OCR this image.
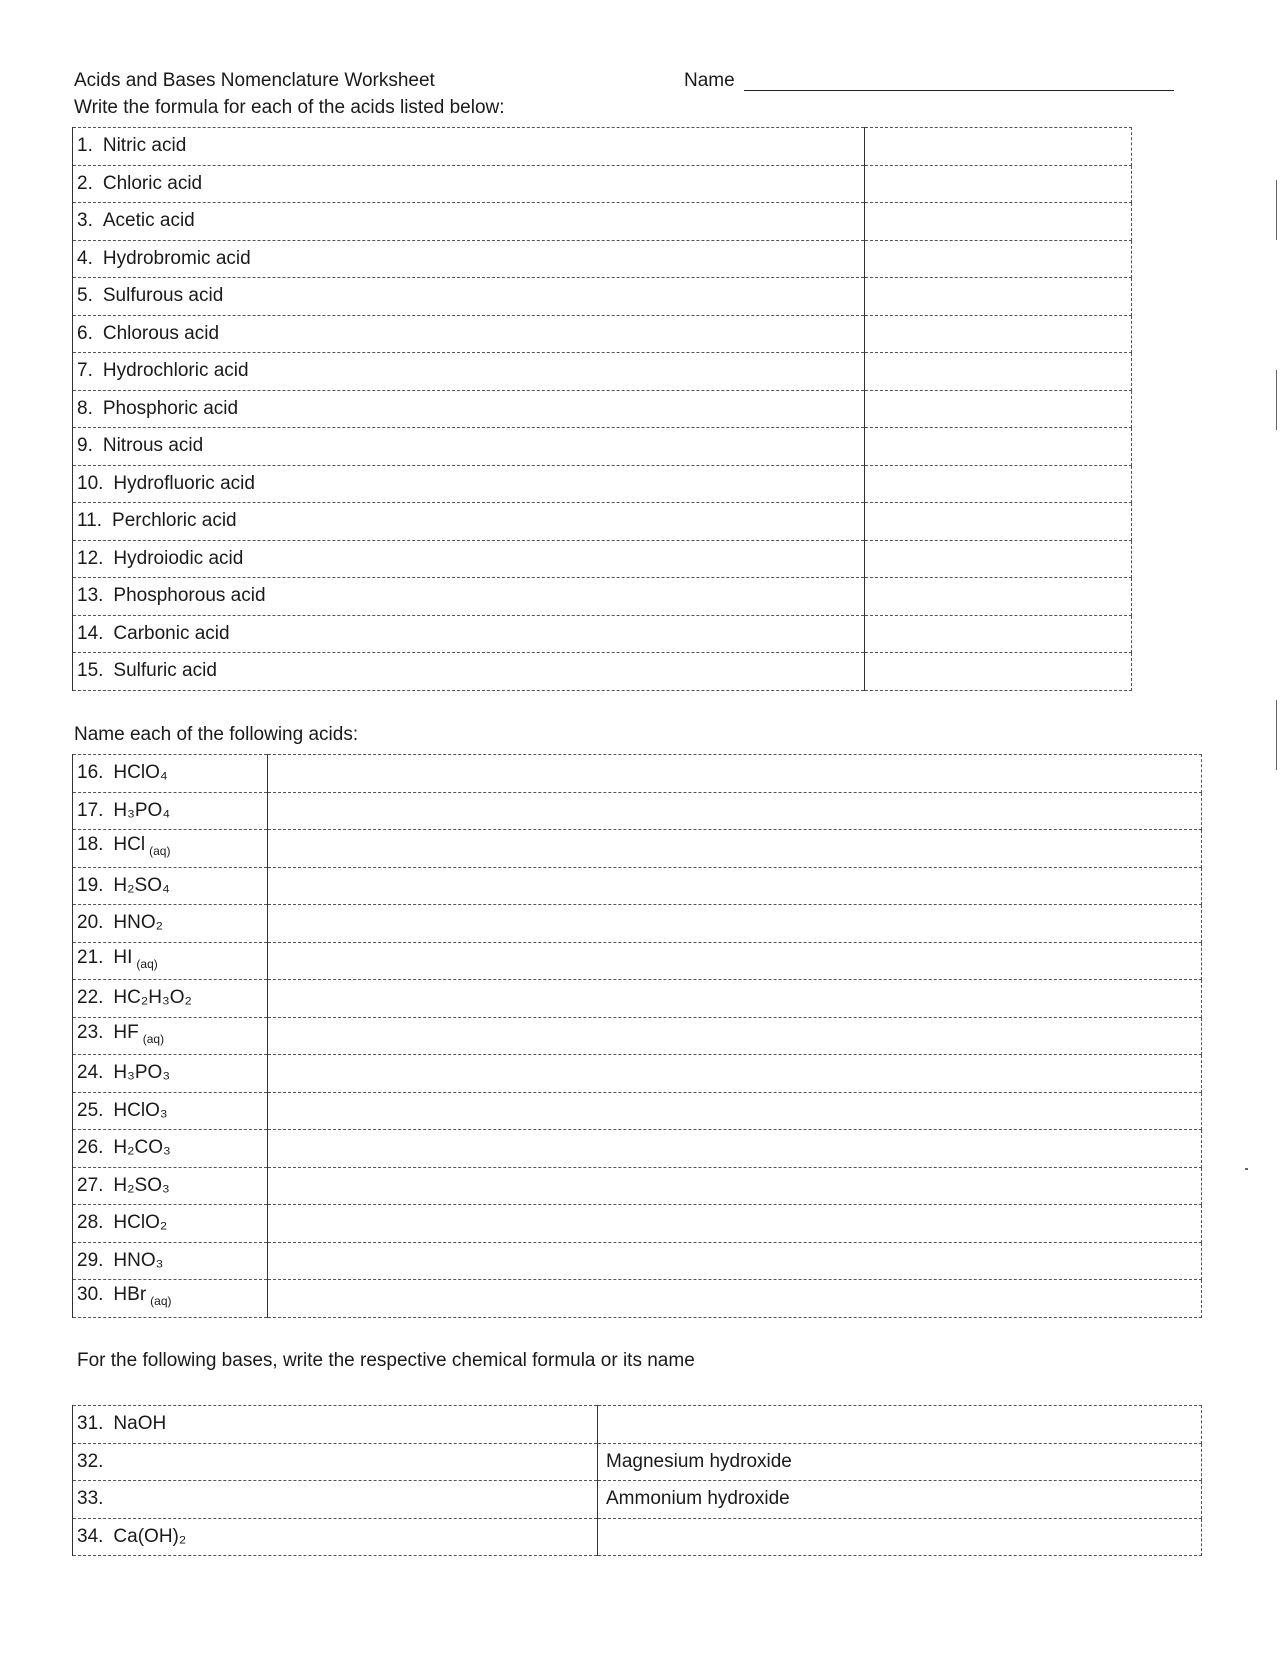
Acids and Bases Nomenclature Worksheet	Name
Write the formula for each of the acids listed below:
1. Nitric acid	
2. Chloric acid	
3. Acetic acid	
4. Hydrobromic acid	
5. Sulfurous acid	
6. Chlorous acid	
7. Hydrochloric acid	
8. Phosphoric acid	
9. Nitrous acid	
10. Hydrofluoric acid	
11. Perchloric acid	
12. Hydroiodic acid	
13. Phosphorous acid	
14. Carbonic acid	
15. Sulfuric acid	
Name each of the following acids:
16. HClO₄	
17. H₃PO₄	
18. HCl $_{(aq)}$	
19. H₂SO₄	
20. HNO₂	
21. HI $_{(aq)}$	
22. HC₂H₃O₂	
23. HF $_{(aq)}$	
24. H₃PO₃	
25. HClO₃	
26. H₂CO₃	
27. H₂SO₃	
28. HClO₂	
29. HNO₃	
30. HBr $_{(aq)}$	
For the following bases, write the respective chemical formula or its name
31. NaOH	
32.	Magnesium hydroxide
33.	Ammonium hydroxide
34. Ca(OH)₂	
